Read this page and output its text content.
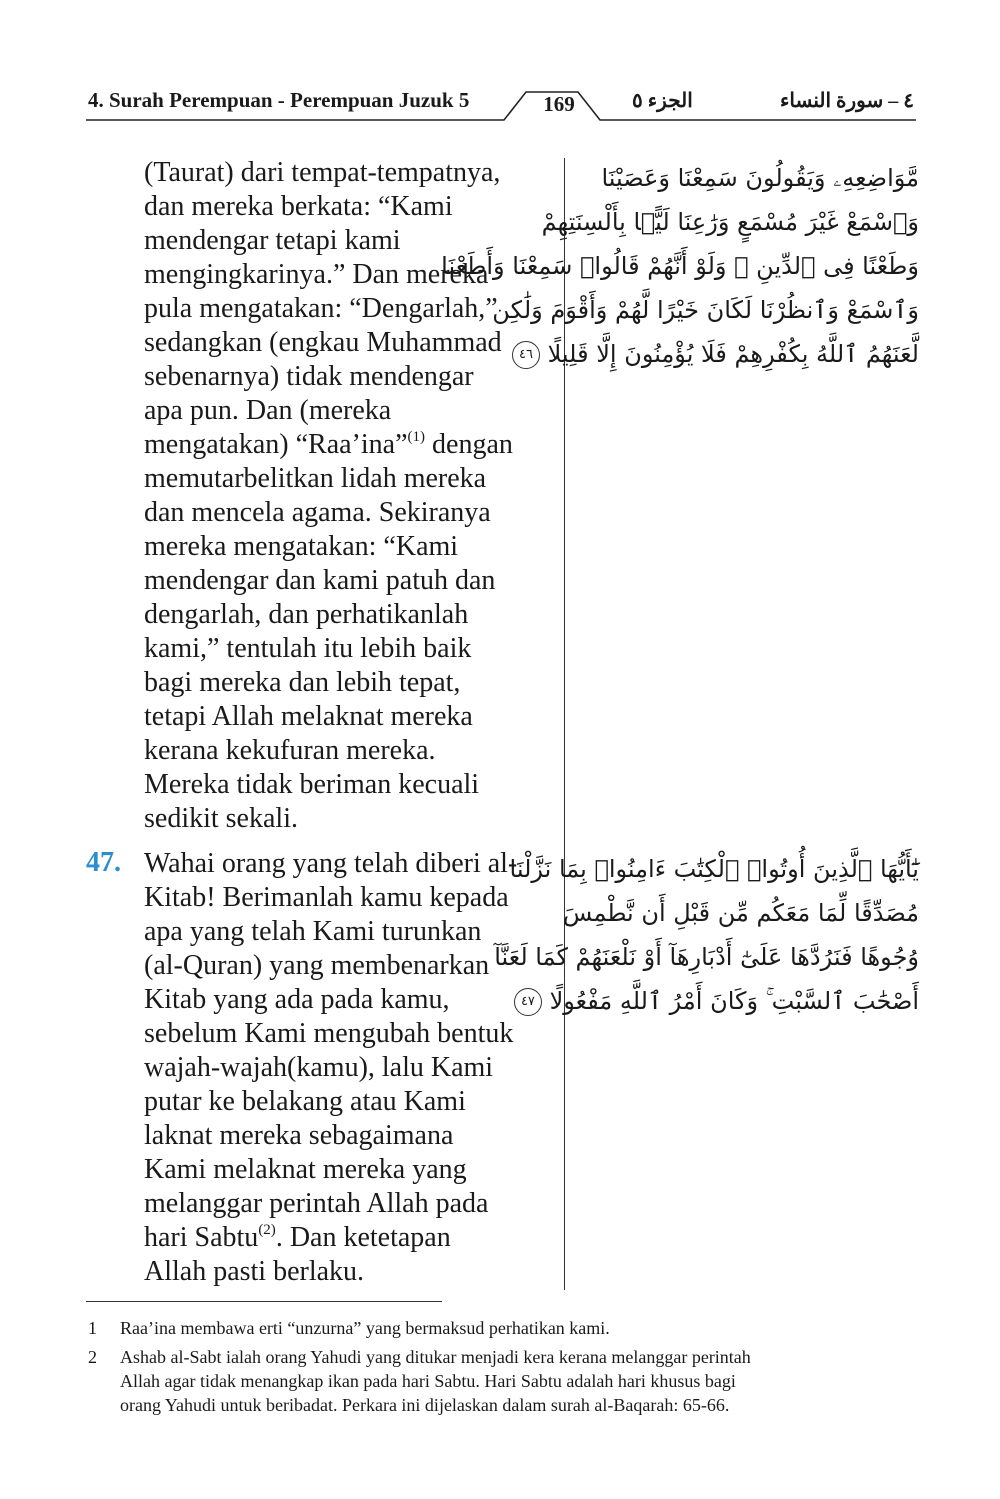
4. Surah Perempuan - Perempuan Juzuk 5	169	الجزء ٥	٤ – سورة النساء
(Taurat) dari tempat-tempatnya,
dan mereka berkata: “Kami
mendengar tetapi kami
mengingkarinya.” Dan mereka
pula mengatakan: “Dengarlah,”
sedangkan (engkau Muhammad
sebenarnya) tidak mendengar
apa pun. Dan (mereka
mengatakan) “Raa’ina”$^{(1)}$ dengan
memutarbelitkan lidah mereka
dan mencela agama. Sekiranya
mereka mengatakan: “Kami
mendengar dan kami patuh dan
dengarlah, dan perhatikanlah
kami,” tentulah itu lebih baik
bagi mereka dan lebih tepat,
tetapi Allah melaknat mereka
kerana kekufuran mereka.
Mereka tidak beriman kecuali
sedikit sekali.
مَّوَاضِعِهِۦ وَيَقُولُونَ سَمِعْنَا وَعَصَيْنَا
وَٱسْمَعْ غَيْرَ مُسْمَعٍ وَرَٰعِنَا لَيًّۢا بِأَلْسِنَتِهِمْ
وَطَعْنًا فِى ٱلدِّينِ ۚ وَلَوْ أَنَّهُمْ قَالُوا۟ سَمِعْنَا وَأَطَعْنَا
وَٱسْمَعْ وَٱنظُرْنَا لَكَانَ خَيْرًا لَّهُمْ وَأَقْوَمَ وَلَٰكِن
لَّعَنَهُمُ ٱللَّهُ بِكُفْرِهِمْ فَلَا يُؤْمِنُونَ إِلَّا قَلِيلًا ٤٦
47. Wahai orang yang telah diberi al-
Kitab! Berimanlah kamu kepada
apa yang telah Kami turunkan
(al-Quran) yang membenarkan
Kitab yang ada pada kamu,
sebelum Kami mengubah bentuk
wajah-wajah(kamu), lalu Kami
putar ke belakang atau Kami
laknat mereka sebagaimana
Kami melaknat mereka yang
melanggar perintah Allah pada
hari Sabtu$^{(2)}$. Dan ketetapan
Allah pasti berlaku.
يَٰٓأَيُّهَا ٱلَّذِينَ أُوتُوا۟ ٱلْكِتَٰبَ ءَامِنُوا۟ بِمَا نَزَّلْنَا
مُصَدِّقًا لِّمَا مَعَكُم مِّن قَبْلِ أَن نَّطْمِسَ
وُجُوهًا فَنَرُدَّهَا عَلَىٰٓ أَدْبَارِهَآ أَوْ نَلْعَنَهُمْ كَمَا لَعَنَّآ
أَصْحَٰبَ ٱلسَّبْتِ ۚ وَكَانَ أَمْرُ ٱللَّهِ مَفْعُولًا ٤٧
1 Raa’ina membawa erti “unzurna” yang bermaksud perhatikan kami.
2 Ashab al-Sabt ialah orang Yahudi yang ditukar menjadi kera kerana melanggar perintah
Allah agar tidak menangkap ikan pada hari Sabtu. Hari Sabtu adalah hari khusus bagi
orang Yahudi untuk beribadat. Perkara ini dijelaskan dalam surah al-Baqarah: 65-66.
